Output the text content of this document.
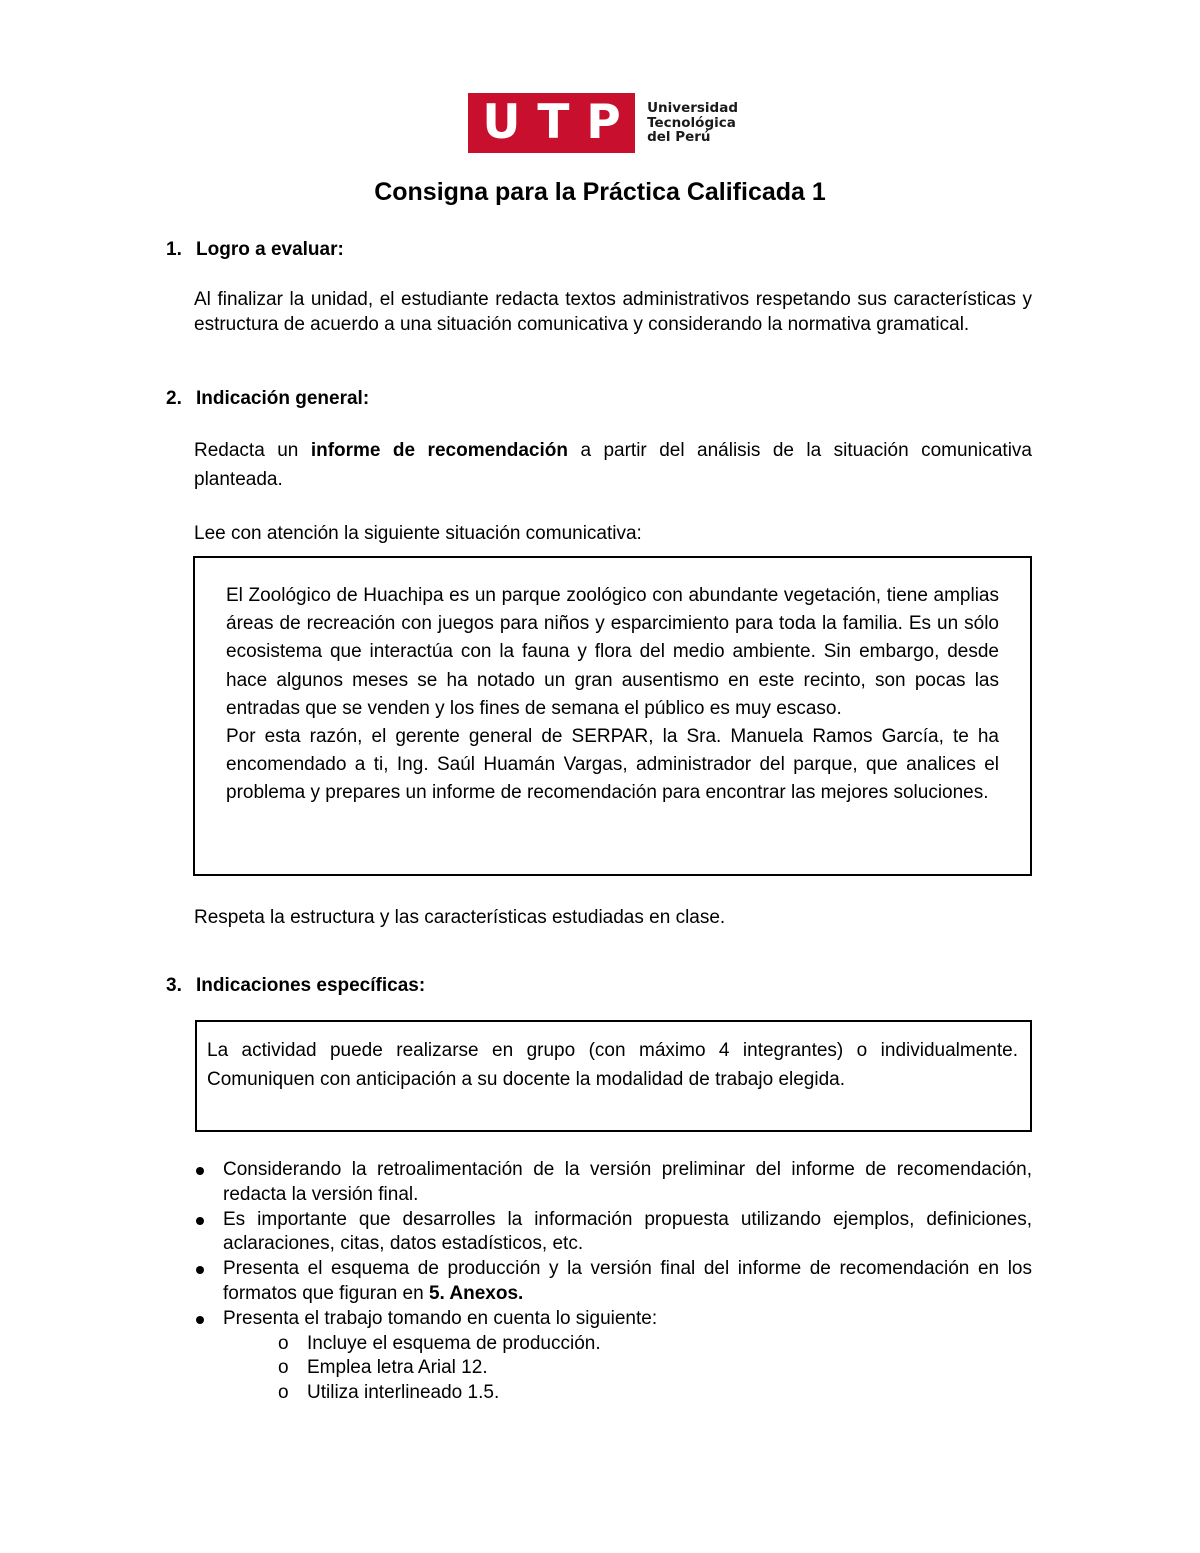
U T P Universidad
Tecnológica
del Perú
Consigna para la Práctica Calificada 1
1. Logro a evaluar:

Al finalizar la unidad, el estudiante redacta textos administrativos respetando sus características y estructura de acuerdo a una situación comunicativa y considerando la normativa gramatical.

2. Indicación general:

Redacta un informe de recomendación a partir del análisis de la situación comunicativa planteada.

Lee con atención la siguiente situación comunicativa:

El Zoológico de Huachipa es un parque zoológico con abundante vegetación, tiene amplias áreas de recreación con juegos para niños y esparcimiento para toda la familia. Es un sólo ecosistema que interactúa con la fauna y flora del medio ambiente. Sin embargo, desde hace algunos meses se ha notado un gran ausentismo en este recinto, son pocas las entradas que se venden y los fines de semana el público es muy escaso.

Por esta razón, el gerente general de SERPAR, la Sra. Manuela Ramos García, te ha encomendado a ti, Ing. Saúl Huamán Vargas, administrador del parque, que analices el problema y prepares un informe de recomendación para encontrar las mejores soluciones.

Respeta la estructura y las características estudiadas en clase.

3. Indicaciones específicas:

La actividad puede realizarse en grupo (con máximo 4 integrantes) o individualmente. Comuniquen con anticipación a su docente la modalidad de trabajo elegida.

Considerando la retroalimentación de la versión preliminar del informe de recomendación, redacta la versión final.
Es importante que desarrolles la información propuesta utilizando ejemplos, definiciones, aclaraciones, citas, datos estadísticos, etc.
Presenta el esquema de producción y la versión final del informe de recomendación en los formatos que figuran en 5. Anexos.
Presenta el trabajo tomando en cuenta lo siguiente:
o Incluye el esquema de producción.
o Emplea letra Arial 12.
o Utiliza interlineado 1.5.
